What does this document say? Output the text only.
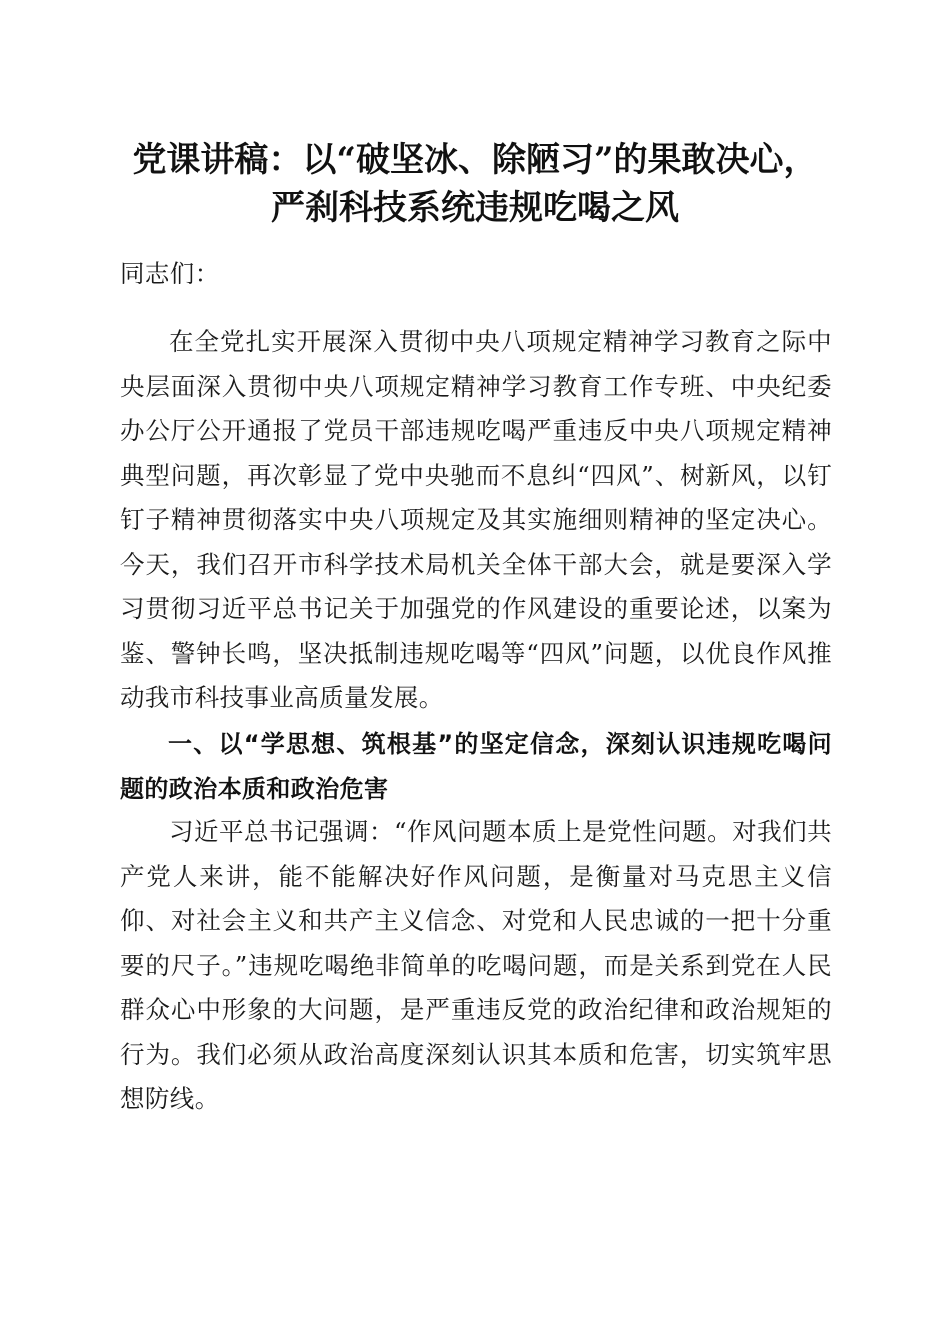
党课讲稿：以“破坚冰、除陋习”的果敢决心，
严刹科技系统违规吃喝之风
同志们：
在全党扎实开展深入贯彻中央八项规定精神学习教育之际中央层面深入贯彻中央八项规定精神学习教育工作专班、中央纪委办公厅公开通报了党员干部违规吃喝严重违反中央八项规定精神典型问题，再次彰显了党中央驰而不息纠“四风”、树新风，以钉钉子精神贯彻落实中央八项规定及其实施细则精神的坚定决心。今天，我们召开市科学技术局机关全体干部大会，就是要深入学习贯彻习近平总书记关于加强党的作风建设的重要论述，以案为鉴、警钟长鸣，坚决抵制违规吃喝等“四风”问题，以优良作风推动我市科技事业高质量发展。
一、以“学思想、筑根基”的坚定信念，深刻认识违规吃喝问题的政治本质和政治危害
习近平总书记强调：“作风问题本质上是党性问题。对我们共产党人来讲，能不能解决好作风问题，是衡量对马克思主义信仰、对社会主义和共产主义信念、对党和人民忠诚的一把十分重要的尺子。”违规吃喝绝非简单的吃喝问题，而是关系到党在人民群众心中形象的大问题，是严重违反党的政治纪律和政治规矩的行为。我们必须从政治高度深刻认识其本质和危害，切实筑牢思想防线。
